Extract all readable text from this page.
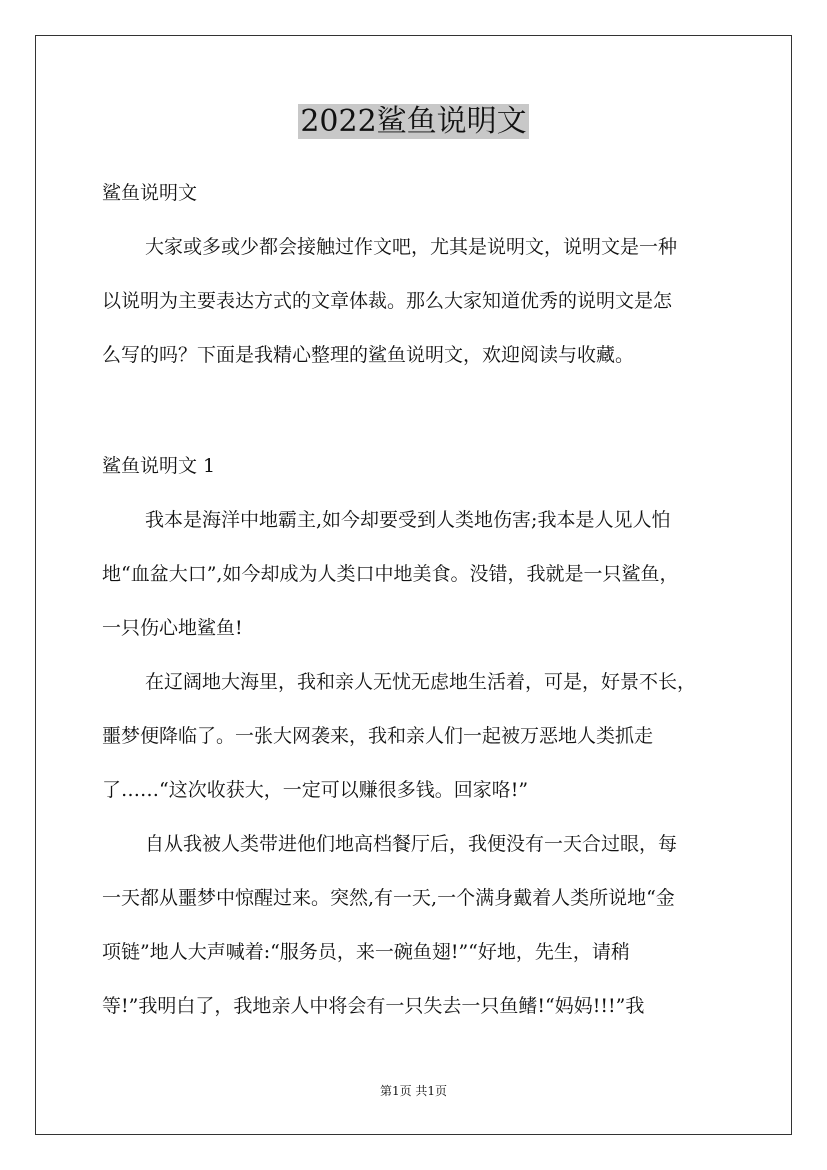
2022鲨鱼说明文
鲨鱼说明文
大家或多或少都会接触过作文吧，尤其是说明文，说明文是一种
以说明为主要表达方式的文章体裁。那么大家知道优秀的说明文是怎
么写的吗？下面是我精心整理的鲨鱼说明文，欢迎阅读与收藏。
鲨鱼说明文 1
我本是海洋中地霸主,如今却要受到人类地伤害;我本是人见人怕
地“血盆大口”,如今却成为人类口中地美食。没错，我就是一只鲨鱼，
一只伤心地鲨鱼!
在辽阔地大海里，我和亲人无忧无虑地生活着，可是，好景不长，
噩梦便降临了。一张大网袭来，我和亲人们一起被万恶地人类抓走
了……“这次收获大，一定可以赚很多钱。回家咯!”
自从我被人类带进他们地高档餐厅后，我便没有一天合过眼，每
一天都从噩梦中惊醒过来。突然,有一天,一个满身戴着人类所说地“金
项链”地人大声喊着:“服务员，来一碗鱼翅!”“好地，先生，请稍
等!”我明白了，我地亲人中将会有一只失去一只鱼鳍!“妈妈!!!”我
第1页 共1页
